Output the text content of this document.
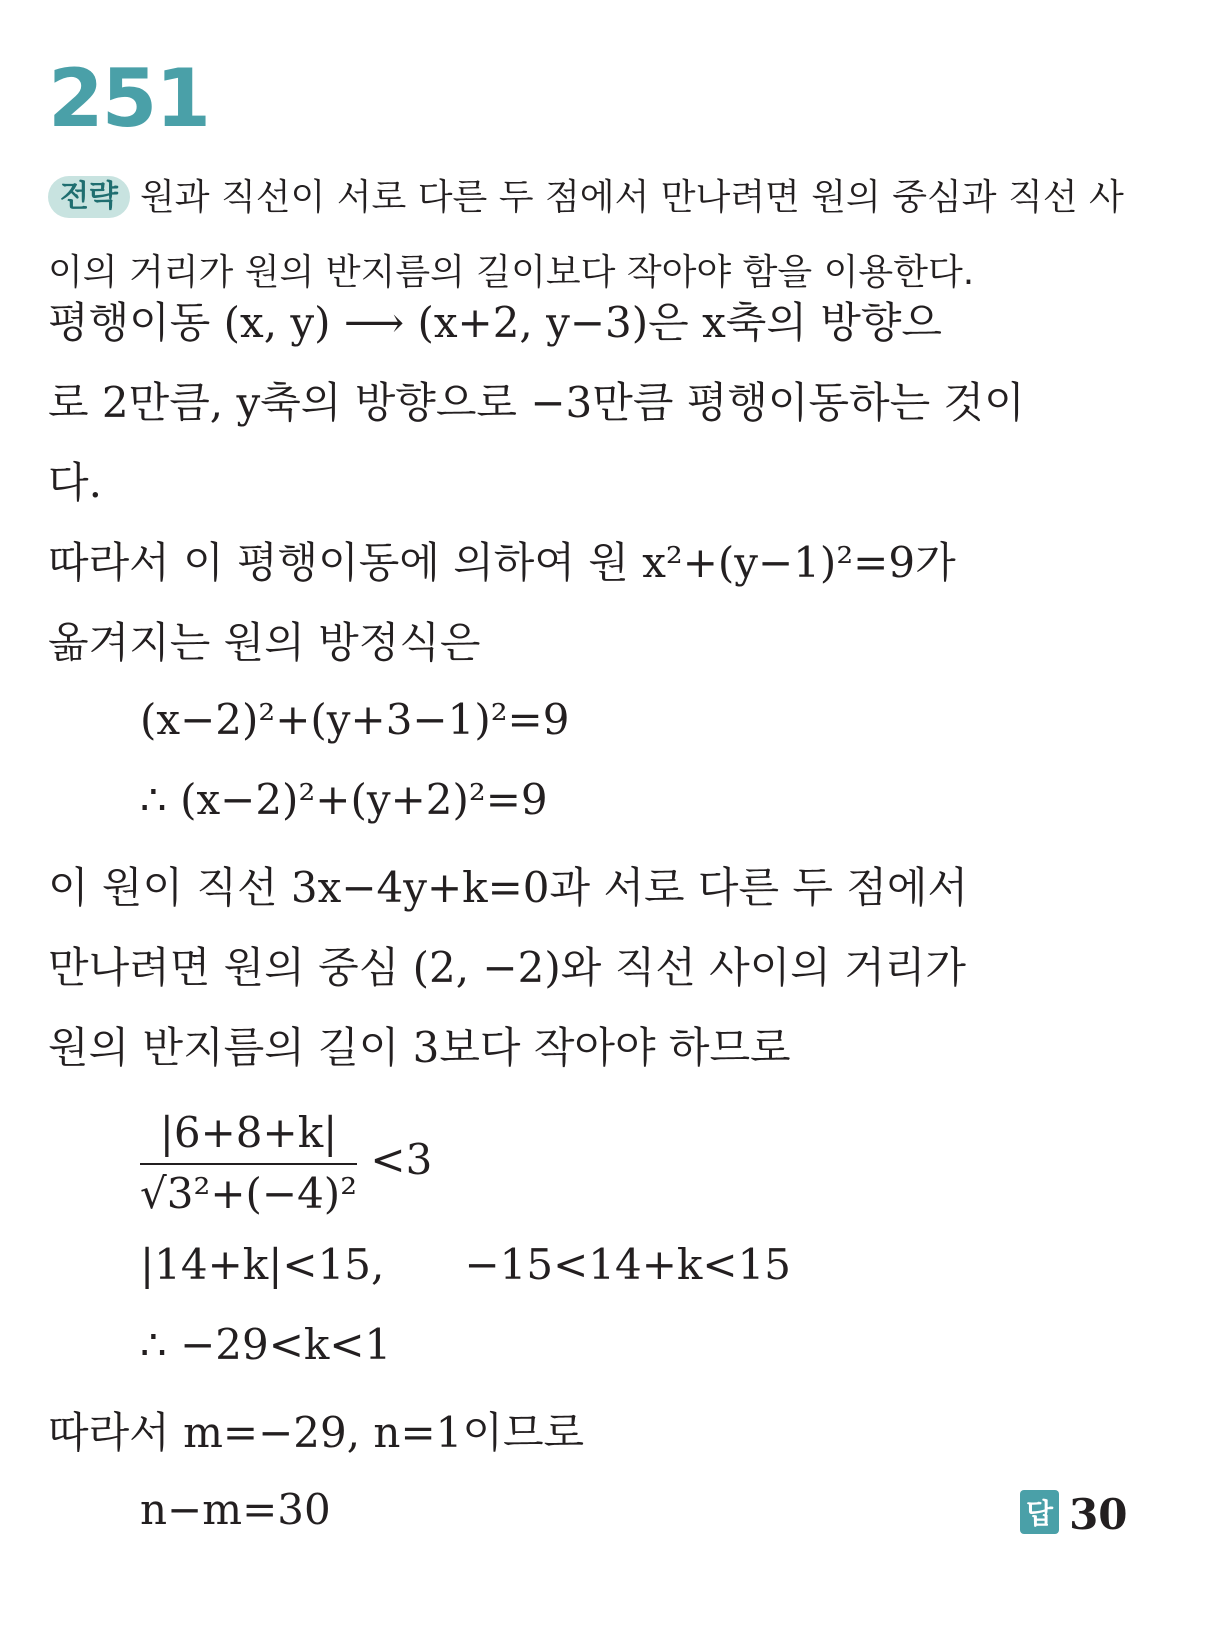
251
전략 원과 직선이 서로 다른 두 점에서 만나려면 원의 중심과 직선 사이의 거리가 원의 반지름의 길이보다 작아야 함을 이용한다.
평행이동 (x, y) ⟶ (x+2, y−3)은 x축의 방향으
로 2만큼, y축의 방향으로 −3만큼 평행이동하는 것이
다.
따라서 이 평행이동에 의하여 원 x²+(y−1)²=9가
옮겨지는 원의 방정식은
(x−2)²+(y+3−1)²=9
∴ (x−2)²+(y+2)²=9
이 원이 직선 3x−4y+k=0과 서로 다른 두 점에서
만나려면 원의 중심 (2, −2)와 직선 사이의 거리가
원의 반지름의 길이 3보다 작아야 하므로
$\frac{|6+8+k|}{\text{√3²+(−4)²}} <3$
|14+k|<15,      −15<14+k<15
∴ −29<k<1
따라서 m=−29, n=1이므로
n−m=30	답 30
